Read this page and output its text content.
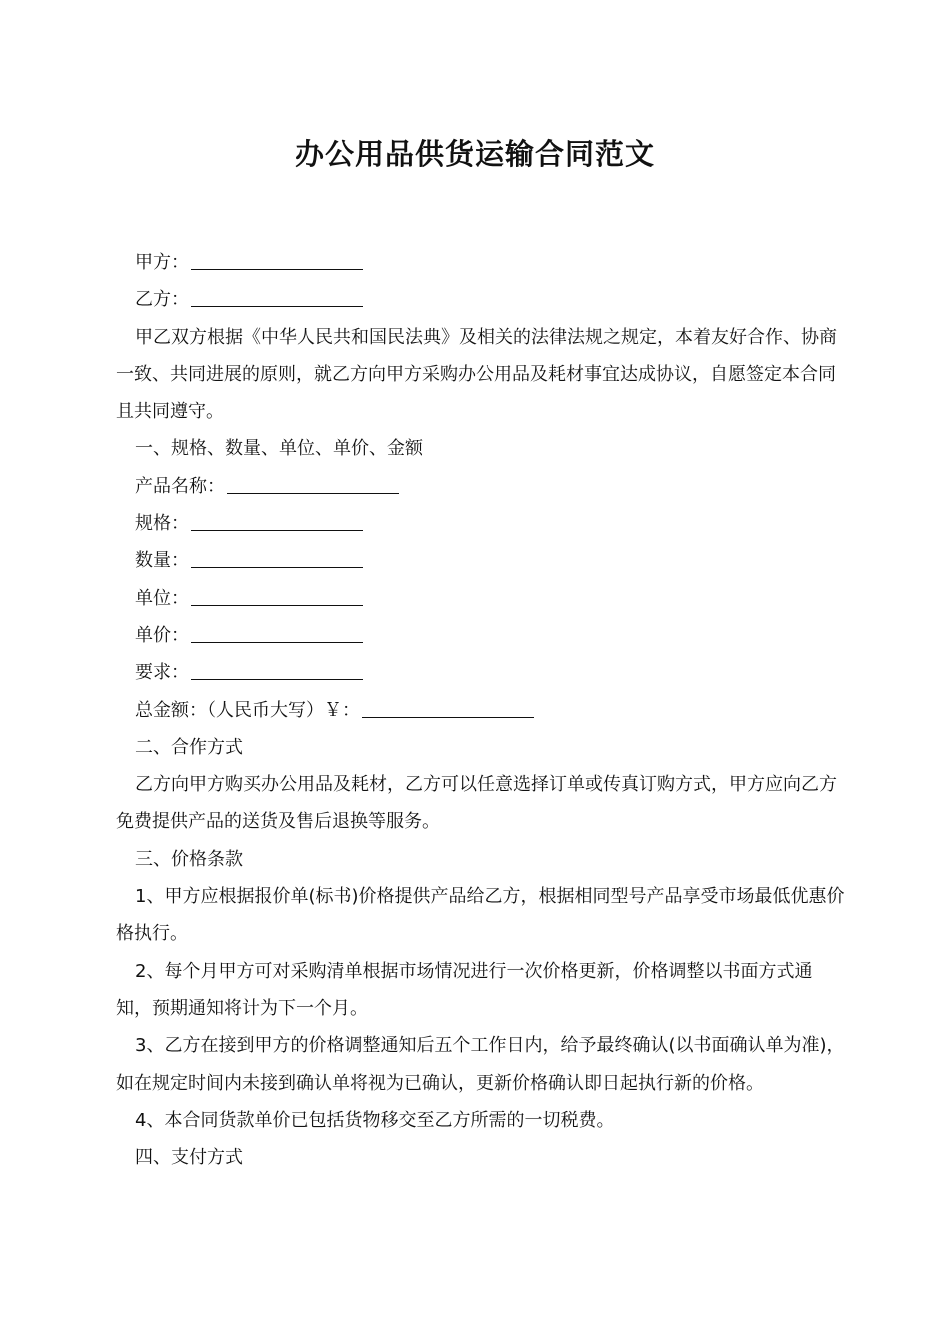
办公用品供货运输合同范文

甲方：

乙方：

甲乙双方根据《中华人民共和国民法典》及相关的法律法规之规定，本着友好合作、协商一致、共同进展的原则，就乙方向甲方采购办公用品及耗材事宜达成协议，自愿签定本合同且共同遵守。

一、规格、数量、单位、单价、金额

产品名称：

规格：

数量：

单位：

单价：

要求：

总金额：（人民币大写）￥：

二、合作方式

乙方向甲方购买办公用品及耗材，乙方可以任意选择订单或传真订购方式，甲方应向乙方免费提供产品的送货及售后退换等服务。

三、价格条款

1、甲方应根据报价单(标书)价格提供产品给乙方，根据相同型号产品享受市场最低优惠价格执行。

2、每个月甲方可对采购清单根据市场情况进行一次价格更新，价格调整以书面方式通知，预期通知将计为下一个月。

3、乙方在接到甲方的价格调整通知后五个工作日内，给予最终确认(以书面确认单为准)，如在规定时间内未接到确认单将视为已确认，更新价格确认即日起执行新的价格。

4、本合同货款单价已包括货物移交至乙方所需的一切税费。

四、支付方式
